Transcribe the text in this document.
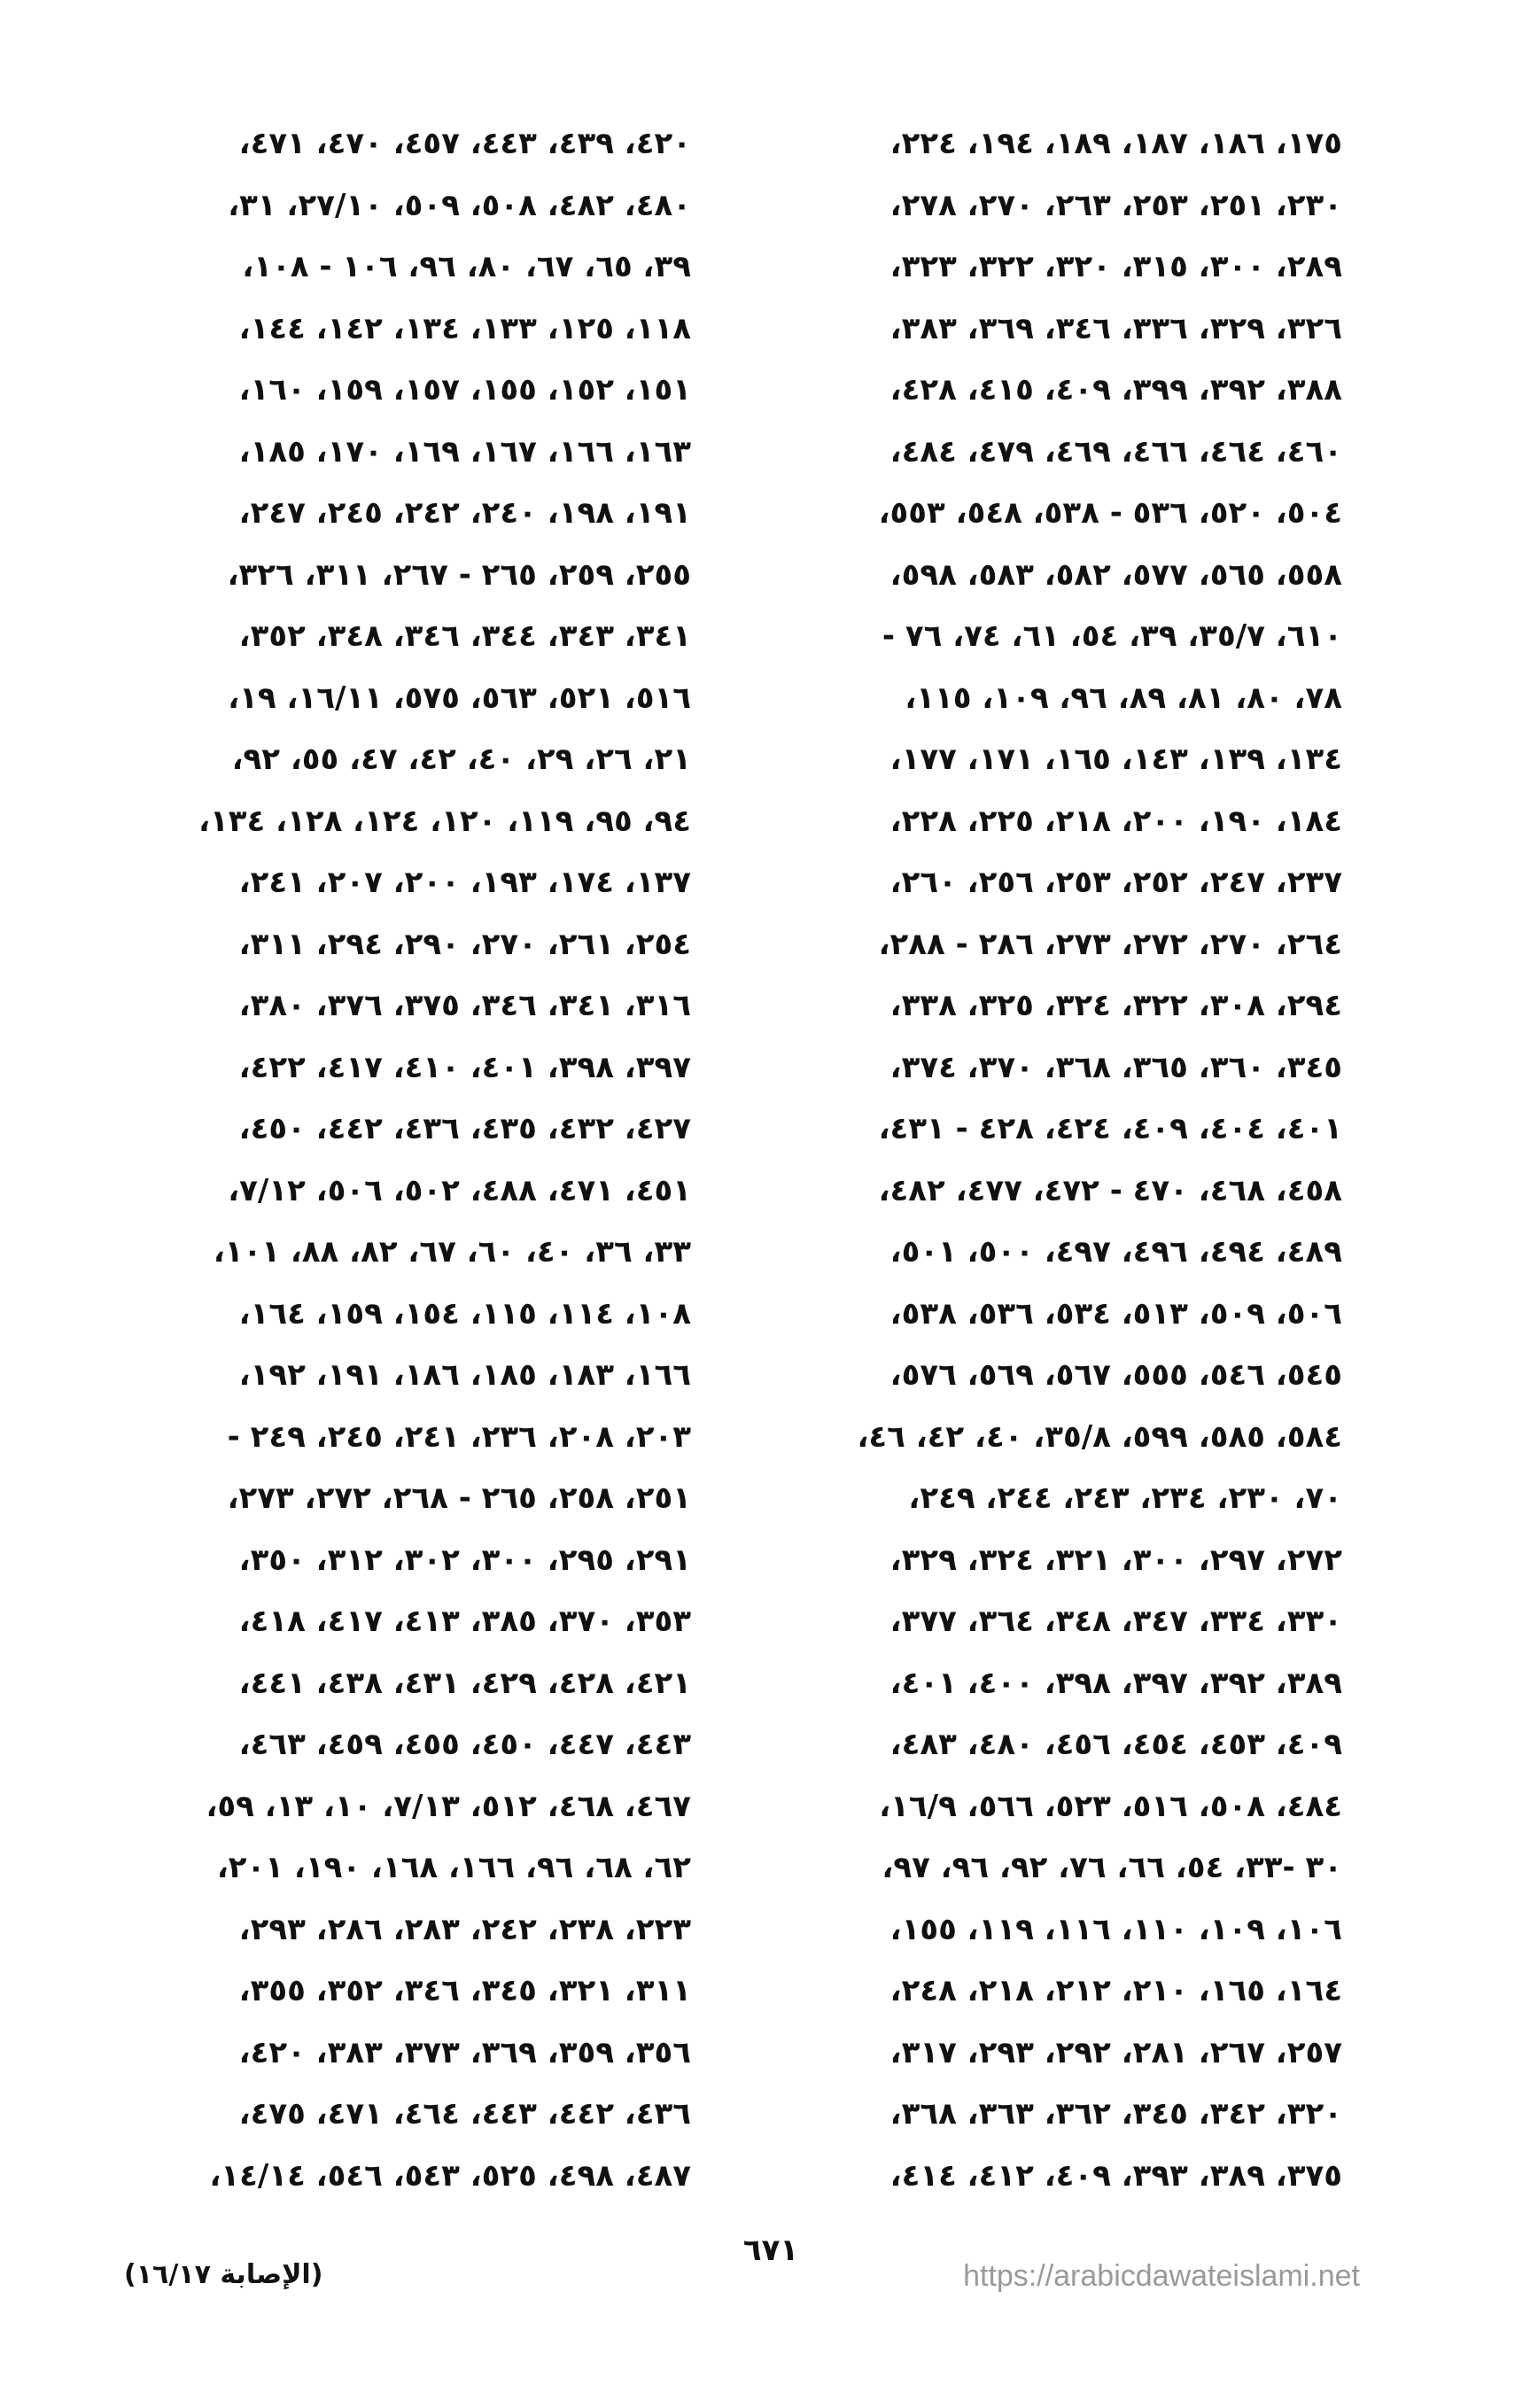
١٧٥، ١٨٦، ١٨٧، ١٨٩، ١٩٤، ٢٢٤،
٢٣٠، ٢٥١، ٢٥٣، ٢٦٣، ٢٧٠، ٢٧٨،
٢٨٩، ٣٠٠، ٣١٥، ٣٢٠، ٣٢٢، ٣٢٣،
٣٢٦، ٣٢٩، ٣٣٦، ٣٤٦، ٣٦٩، ٣٨٣،
٣٨٨، ٣٩٢، ٣٩٩، ٤٠٩، ٤١٥، ٤٢٨،
٤٦٠، ٤٦٤، ٤٦٦، ٤٦٩، ٤٧٩، ٤٨٤،
٥٠٤، ٥٢٠، ٥٣٦ - ٥٣٨، ٥٤٨، ٥٥٣،
٥٥٨، ٥٦٥، ٥٧٧، ٥٨٢، ٥٨٣، ٥٩٨،
٦١٠، ٣٥/٧، ٣٩، ٥٤، ٦١، ٧٤، ٧٦ -
٧٨، ٨٠، ٨١، ٨٩، ٩٦، ١٠٩، ١١٥،
١٣٤، ١٣٩، ١٤٣، ١٦٥، ١٧١، ١٧٧،
١٨٤، ١٩٠، ٢٠٠، ٢١٨، ٢٢٥، ٢٢٨،
٢٣٧، ٢٤٧، ٢٥٢، ٢٥٣، ٢٥٦، ٢٦٠،
٢٦٤، ٢٧٠، ٢٧٢، ٢٧٣، ٢٨٦ - ٢٨٨،
٢٩٤، ٣٠٨، ٣٢٢، ٣٢٤، ٣٢٥، ٣٣٨،
٣٤٥، ٣٦٠، ٣٦٥، ٣٦٨، ٣٧٠، ٣٧٤،
٤٠١، ٤٠٤، ٤٠٩، ٤٢٤، ٤٢٨ - ٤٣١،
٤٥٨، ٤٦٨، ٤٧٠ - ٤٧٢، ٤٧٧، ٤٨٢،
٤٨٩، ٤٩٤، ٤٩٦، ٤٩٧، ٥٠٠، ٥٠١،
٥٠٦، ٥٠٩، ٥١٣، ٥٣٤، ٥٣٦، ٥٣٨،
٥٤٥، ٥٤٦، ٥٥٥، ٥٦٧، ٥٦٩، ٥٧٦،
٥٨٤، ٥٨٥، ٥٩٩، ٣٥/٨، ٤٠، ٤٢، ٤٦،
٧٠، ٢٣٠، ٢٣٤، ٢٤٣، ٢٤٤، ٢٤٩،
٢٧٢، ٢٩٧، ٣٠٠، ٣٢١، ٣٢٤، ٣٢٩،
٣٣٠، ٣٣٤، ٣٤٧، ٣٤٨، ٣٦٤، ٣٧٧،
٣٨٩، ٣٩٢، ٣٩٧، ٣٩٨، ٤٠٠، ٤٠١،
٤٠٩، ٤٥٣، ٤٥٤، ٤٥٦، ٤٨٠، ٤٨٣،
٤٨٤، ٥٠٨، ٥١٦، ٥٢٣، ٥٦٦، ١٦/٩،
٣٠ -٣٣، ٥٤، ٦٦، ٧٦، ٩٢، ٩٦، ٩٧،
١٠٦، ١٠٩، ١١٠، ١١٦، ١١٩، ١٥٥،
١٦٤، ١٦٥، ٢١٠، ٢١٢، ٢١٨، ٢٤٨،
٢٥٧، ٢٦٧، ٢٨١، ٢٩٢، ٢٩٣، ٣١٧،
٣٢٠، ٣٤٢، ٣٤٥، ٣٦٢، ٣٦٣، ٣٦٨،
٣٧٥، ٣٨٩، ٣٩٣، ٤٠٩، ٤١٢، ٤١٤،
٤٢٠، ٤٣٩، ٤٤٣، ٤٥٧، ٤٧٠، ٤٧١،
٤٨٠، ٤٨٢، ٥٠٨، ٥٠٩، ٢٧/١٠، ٣١،
٣٩، ٦٥، ٦٧، ٨٠، ٩٦، ١٠٦ - ١٠٨،
١١٨، ١٢٥، ١٣٣، ١٣٤، ١٤٢، ١٤٤،
١٥١، ١٥٢، ١٥٥، ١٥٧، ١٥٩، ١٦٠،
١٦٣، ١٦٦، ١٦٧، ١٦٩، ١٧٠، ١٨٥،
١٩١، ١٩٨، ٢٤٠، ٢٤٢، ٢٤٥، ٢٤٧،
٢٥٥، ٢٥٩، ٢٦٥ - ٢٦٧، ٣١١، ٣٢٦،
٣٤١، ٣٤٣، ٣٤٤، ٣٤٦، ٣٤٨، ٣٥٢،
٥١٦، ٥٢١، ٥٦٣، ٥٧٥، ١٦/١١، ١٩،
٢١، ٢٦، ٢٩، ٤٠، ٤٢، ٤٧، ٥٥، ٩٢،
٩٤، ٩٥، ١١٩، ١٢٠، ١٢٤، ١٢٨، ١٣٤،
١٣٧، ١٧٤، ١٩٣، ٢٠٠، ٢٠٧، ٢٤١،
٢٥٤، ٢٦١، ٢٧٠، ٢٩٠، ٢٩٤، ٣١١،
٣١٦، ٣٤١، ٣٤٦، ٣٧٥، ٣٧٦، ٣٨٠،
٣٩٧، ٣٩٨، ٤٠١، ٤١٠، ٤١٧، ٤٢٢،
٤٢٧، ٤٣٢، ٤٣٥، ٤٣٦، ٤٤٢، ٤٥٠،
٤٥١، ٤٧١، ٤٨٨، ٥٠٢، ٥٠٦، ٧/١٢،
٣٣، ٣٦، ٤٠، ٦٠، ٦٧، ٨٢، ٨٨، ١٠١،
١٠٨، ١١٤، ١١٥، ١٥٤، ١٥٩، ١٦٤،
١٦٦، ١٨٣، ١٨٥، ١٨٦، ١٩١، ١٩٢،
٢٠٣، ٢٠٨، ٢٣٦، ٢٤١، ٢٤٥، ٢٤٩ -
٢٥١، ٢٥٨، ٢٦٥ - ٢٦٨، ٢٧٢، ٢٧٣،
٢٩١، ٢٩٥، ٣٠٠، ٣٠٢، ٣١٢، ٣٥٠،
٣٥٣، ٣٧٠، ٣٨٥، ٤١٣، ٤١٧، ٤١٨،
٤٢١، ٤٢٨، ٤٢٩، ٤٣١، ٤٣٨، ٤٤١،
٤٤٣، ٤٤٧، ٤٥٠، ٤٥٥، ٤٥٩، ٤٦٣،
٤٦٧، ٤٦٨، ٥١٢، ٧/١٣، ١٠، ١٣، ٥٩،
٦٢، ٦٨، ٩٦، ١٦٦، ١٦٨، ١٩٠، ٢٠١،
٢٢٣، ٢٣٨، ٢٤٢، ٢٨٣، ٢٨٦، ٢٩٣،
٣١١، ٣٢١، ٣٤٥، ٣٤٦، ٣٥٢، ٣٥٥،
٣٥٦، ٣٥٩، ٣٦٩، ٣٧٣، ٣٨٣، ٤٢٠،
٤٣٦، ٤٤٢، ٤٤٣، ٤٦٤، ٤٧١، ٤٧٥،
٤٨٧، ٤٩٨، ٥٢٥، ٥٤٣، ٥٤٦، ١٤/١٤،
٦٧١
(الإصابة ١٦/١٧)	https://arabicdawateislami.net
